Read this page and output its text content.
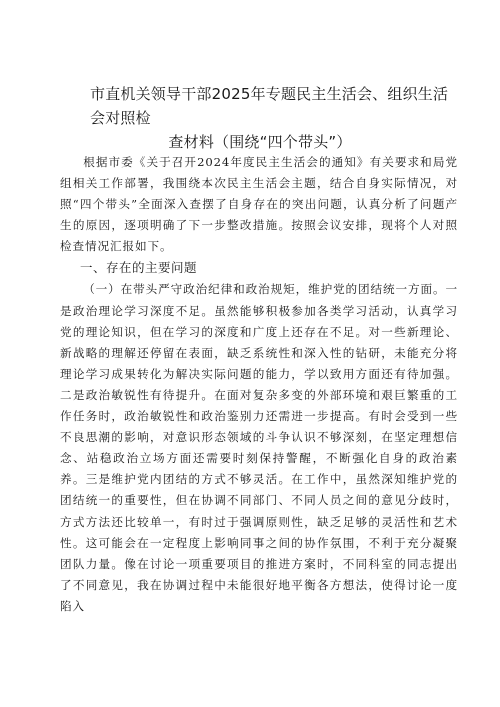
市直机关领导干部2025年专题民主生活会、组织生活会对照检
查材料（围绕“四个带头”）

根据市委《关于召开2024年度民主生活会的通知》有关要求和局党组相关工作部署，我围绕本次民主生活会主题，结合自身实际情况，对照“四个带头”全面深入查摆了自身存在的突出问题，认真分析了问题产生的原因，逐项明确了下一步整改措施。按照会议安排，现将个人对照检查情况汇报如下。

一、存在的主要问题

（一）在带头严守政治纪律和政治规矩，维护党的团结统一方面。一是政治理论学习深度不足。虽然能够积极参加各类学习活动，认真学习党的理论知识，但在学习的深度和广度上还存在不足。对一些新理论、新战略的理解还停留在表面，缺乏系统性和深入性的钻研，未能充分将理论学习成果转化为解决实际问题的能力，学以致用方面还有待加强。二是政治敏锐性有待提升。在面对复杂多变的外部环境和艰巨繁重的工作任务时，政治敏锐性和政治鉴别力还需进一步提高。有时会受到一些不良思潮的影响，对意识形态领域的斗争认识不够深刻，在坚定理想信念、站稳政治立场方面还需要时刻保持警醒，不断强化自身的政治素养。三是维护党内团结的方式不够灵活。在工作中，虽然深知维护党的团结统一的重要性，但在协调不同部门、不同人员之间的意见分歧时，方式方法还比较单一，有时过于强调原则性，缺乏足够的灵活性和艺术性。这可能会在一定程度上影响同事之间的协作氛围，不利于充分凝聚团队力量。像在讨论一项重要项目的推进方案时，不同科室的同志提出了不同意见，我在协调过程中未能很好地平衡各方想法，使得讨论一度陷入
